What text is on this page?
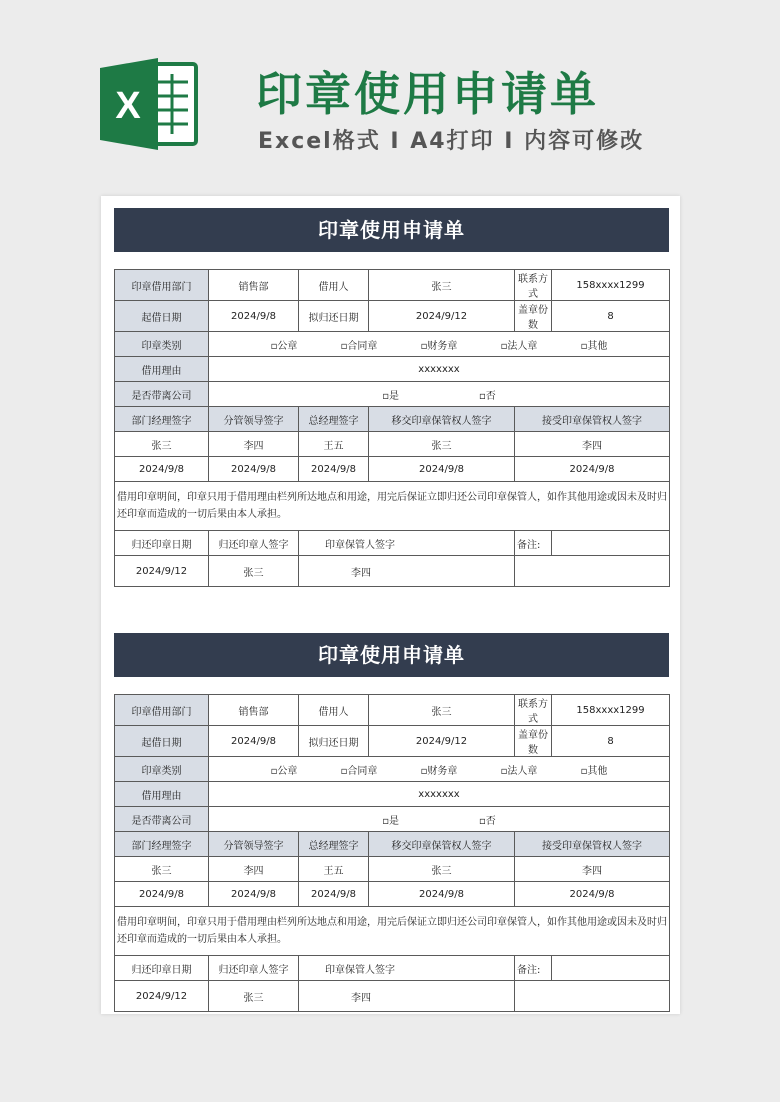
X	印章使用申请单
Excel格式 I A4打印 I 内容可修改
印章使用申请单
印章借用部门	销售部	借用人	张三	联系方式	158xxxx1299
起借日期	2024/9/8	拟归还日期	2024/9/12	盖章份数	8
印章类别	▫ 公章 ▫ 合同章 ▫ 财务章 ▫ 法人章 ▫ 其他

借用理由	xxxxxxx				
是否带离公司	▫ 是 ▫ 否

部门经理签字	分管领导签字	总经理签字	移交印章保管权人签字	接受印章保管权人签字	
张三	李四	王五	张三	李四	
2024/9/8	2024/9/8	2024/9/8	2024/9/8	2024/9/8	
借用印章明间，印章只用于借用理由栏列所达地点和用途，用完后保证立即归还公司印章保管人，如作其他用途或因未及时归还印章而造成的一切后果由本人承担。					
归还印章日期	归还印章人签字	印章保管人签字		备注:	
2024/9/12	张三	李四			
印章使用申请单
印章借用部门	销售部	借用人	张三	联系方式	158xxxx1299
起借日期	2024/9/8	拟归还日期	2024/9/12	盖章份数	8
印章类别	▫ 公章 ▫ 合同章 ▫ 财务章 ▫ 法人章 ▫ 其他

借用理由	xxxxxxx				
是否带离公司	▫ 是 ▫ 否

部门经理签字	分管领导签字	总经理签字	移交印章保管权人签字	接受印章保管权人签字	
张三	李四	王五	张三	李四	
2024/9/8	2024/9/8	2024/9/8	2024/9/8	2024/9/8	
借用印章明间，印章只用于借用理由栏列所达地点和用途，用完后保证立即归还公司印章保管人，如作其他用途或因未及时归还印章而造成的一切后果由本人承担。					
归还印章日期	归还印章人签字	印章保管人签字		备注:	
2024/9/12	张三	李四			
